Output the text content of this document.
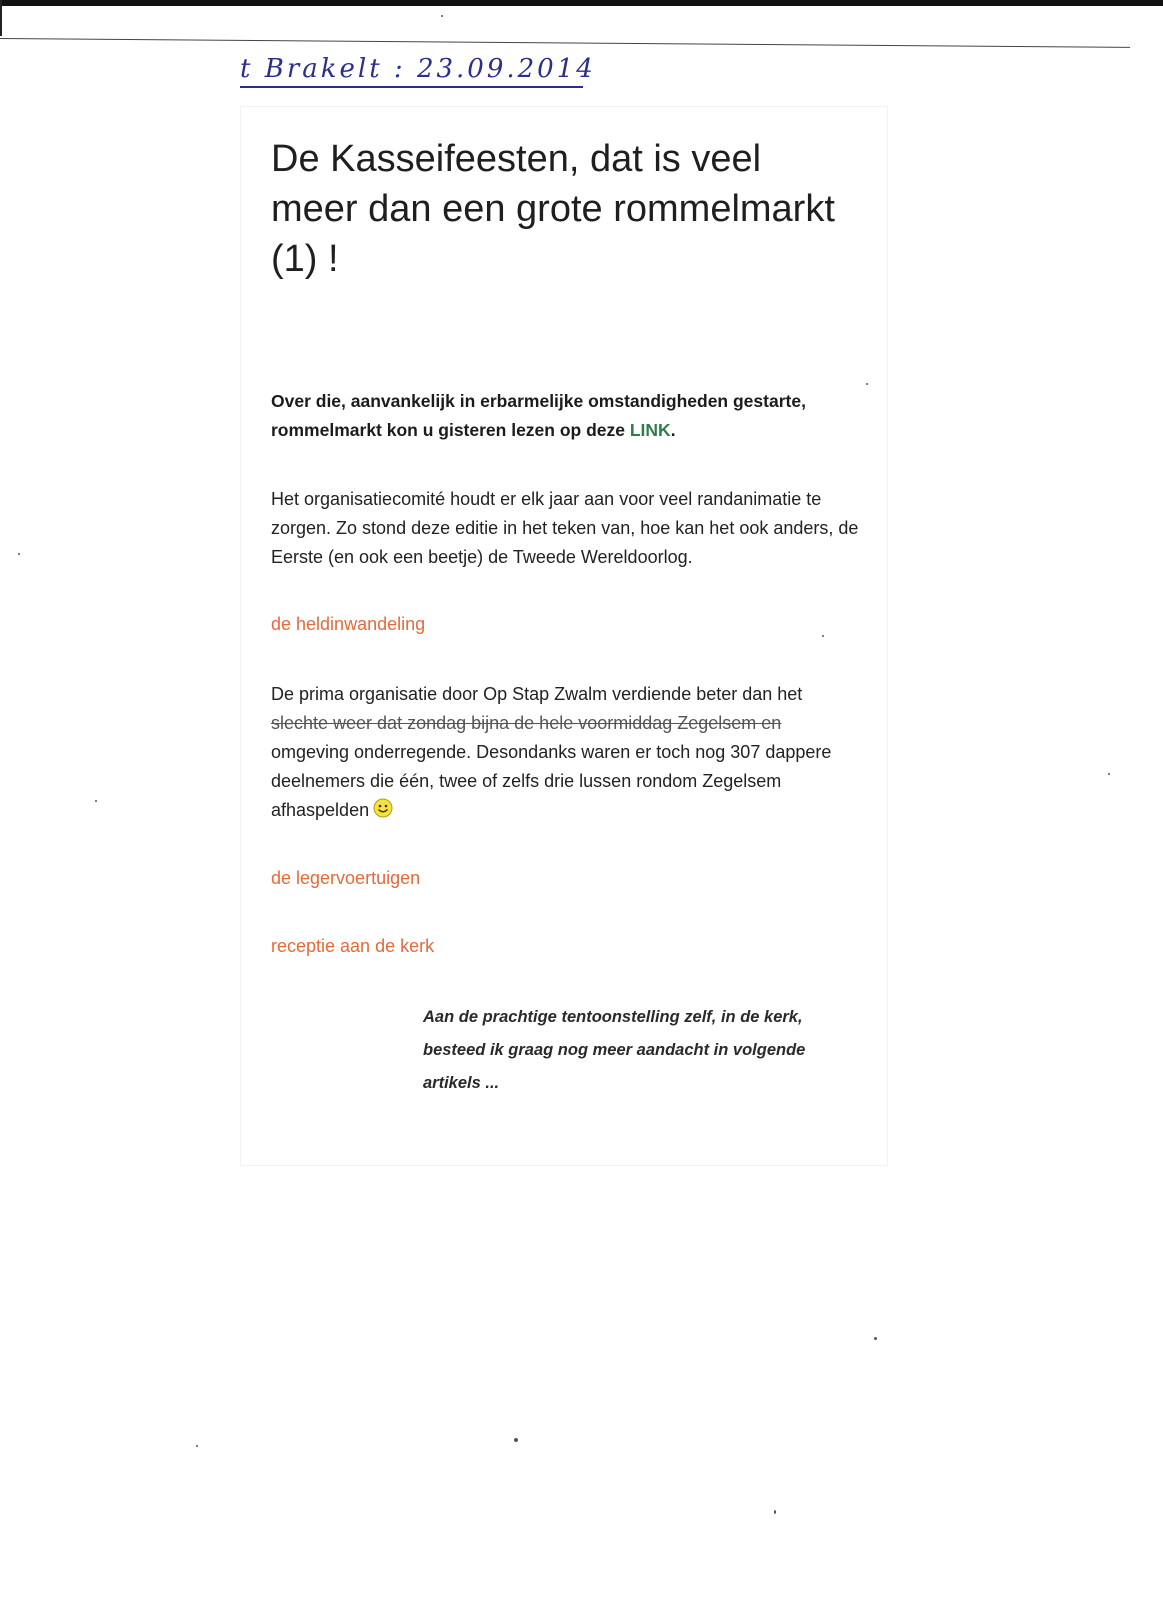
t Brakelt : 23.09.2014
De Kasseifeesten, dat is veel meer dan een grote rommelmarkt (1) !

Over die, aanvankelijk in erbarmelijke omstandigheden gestarte, rommelmarkt kon u gisteren lezen op deze LINK.

Het organisatiecomité houdt er elk jaar aan voor veel randanimatie te zorgen. Zo stond deze editie in het teken van, hoe kan het ook anders, de Eerste (en ook een beetje) de Tweede Wereldoorlog.

de heldinwandeling

De prima organisatie door Op Stap Zwalm verdiende beter dan het slechte weer dat zondag bijna de hele voormiddag Zegelsem en omgeving onderregende. Desondanks waren er toch nog 307 dappere deelnemers die één, twee of zelfs drie lussen rondom Zegelsem afhaspelden

de legervoertuigen
receptie aan de kerk

Aan de prachtige tentoonstelling zelf, in de kerk, besteed ik graag nog meer aandacht in volgende artikels ...
